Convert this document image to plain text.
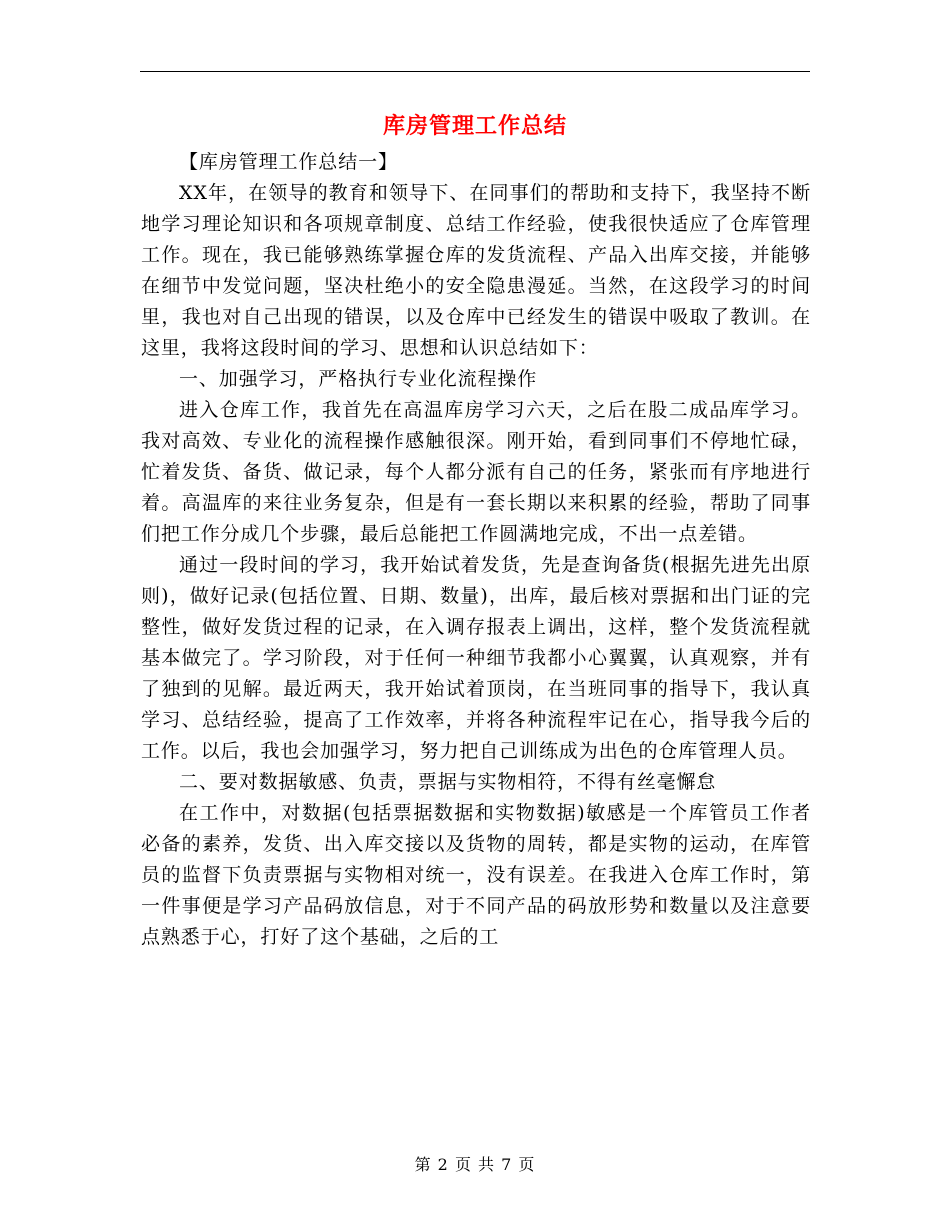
库房管理工作总结

【库房管理工作总结一】

XX年，在领导的教育和领导下、在同事们的帮助和支持下，我坚持不断地学习理论知识和各项规章制度、总结工作经验，使我很快适应了仓库管理工作。现在，我已能够熟练掌握仓库的发货流程、产品入出库交接，并能够在细节中发觉问题，坚决杜绝小的安全隐患漫延。当然，在这段学习的时间里，我也对自己出现的错误，以及仓库中已经发生的错误中吸取了教训。在这里，我将这段时间的学习、思想和认识总结如下：

一、加强学习，严格执行专业化流程操作

进入仓库工作，我首先在高温库房学习六天，之后在股二成品库学习。我对高效、专业化的流程操作感触很深。刚开始，看到同事们不停地忙碌，忙着发货、备货、做记录，每个人都分派有自己的任务，紧张而有序地进行着。高温库的来往业务复杂，但是有一套长期以来积累的经验，帮助了同事们把工作分成几个步骤，最后总能把工作圆满地完成，不出一点差错。

通过一段时间的学习，我开始试着发货，先是查询备货(根据先进先出原则)，做好记录(包括位置、日期、数量)，出库，最后核对票据和出门证的完整性，做好发货过程的记录，在入调存报表上调出，这样，整个发货流程就基本做完了。学习阶段，对于任何一种细节我都小心翼翼，认真观察，并有了独到的见解。最近两天，我开始试着顶岗，在当班同事的指导下，我认真学习、总结经验，提高了工作效率，并将各种流程牢记在心，指导我今后的工作。以后，我也会加强学习，努力把自己训练成为出色的仓库管理人员。

二、要对数据敏感、负责，票据与实物相符，不得有丝毫懈怠

在工作中，对数据(包括票据数据和实物数据)敏感是一个库管员工作者必备的素养，发货、出入库交接以及货物的周转，都是实物的运动，在库管员的监督下负责票据与实物相对统一，没有误差。在我进入仓库工作时，第一件事便是学习产品码放信息，对于不同产品的码放形势和数量以及注意要点熟悉于心，打好了这个基础，之后的工

第 2 页 共 7 页
